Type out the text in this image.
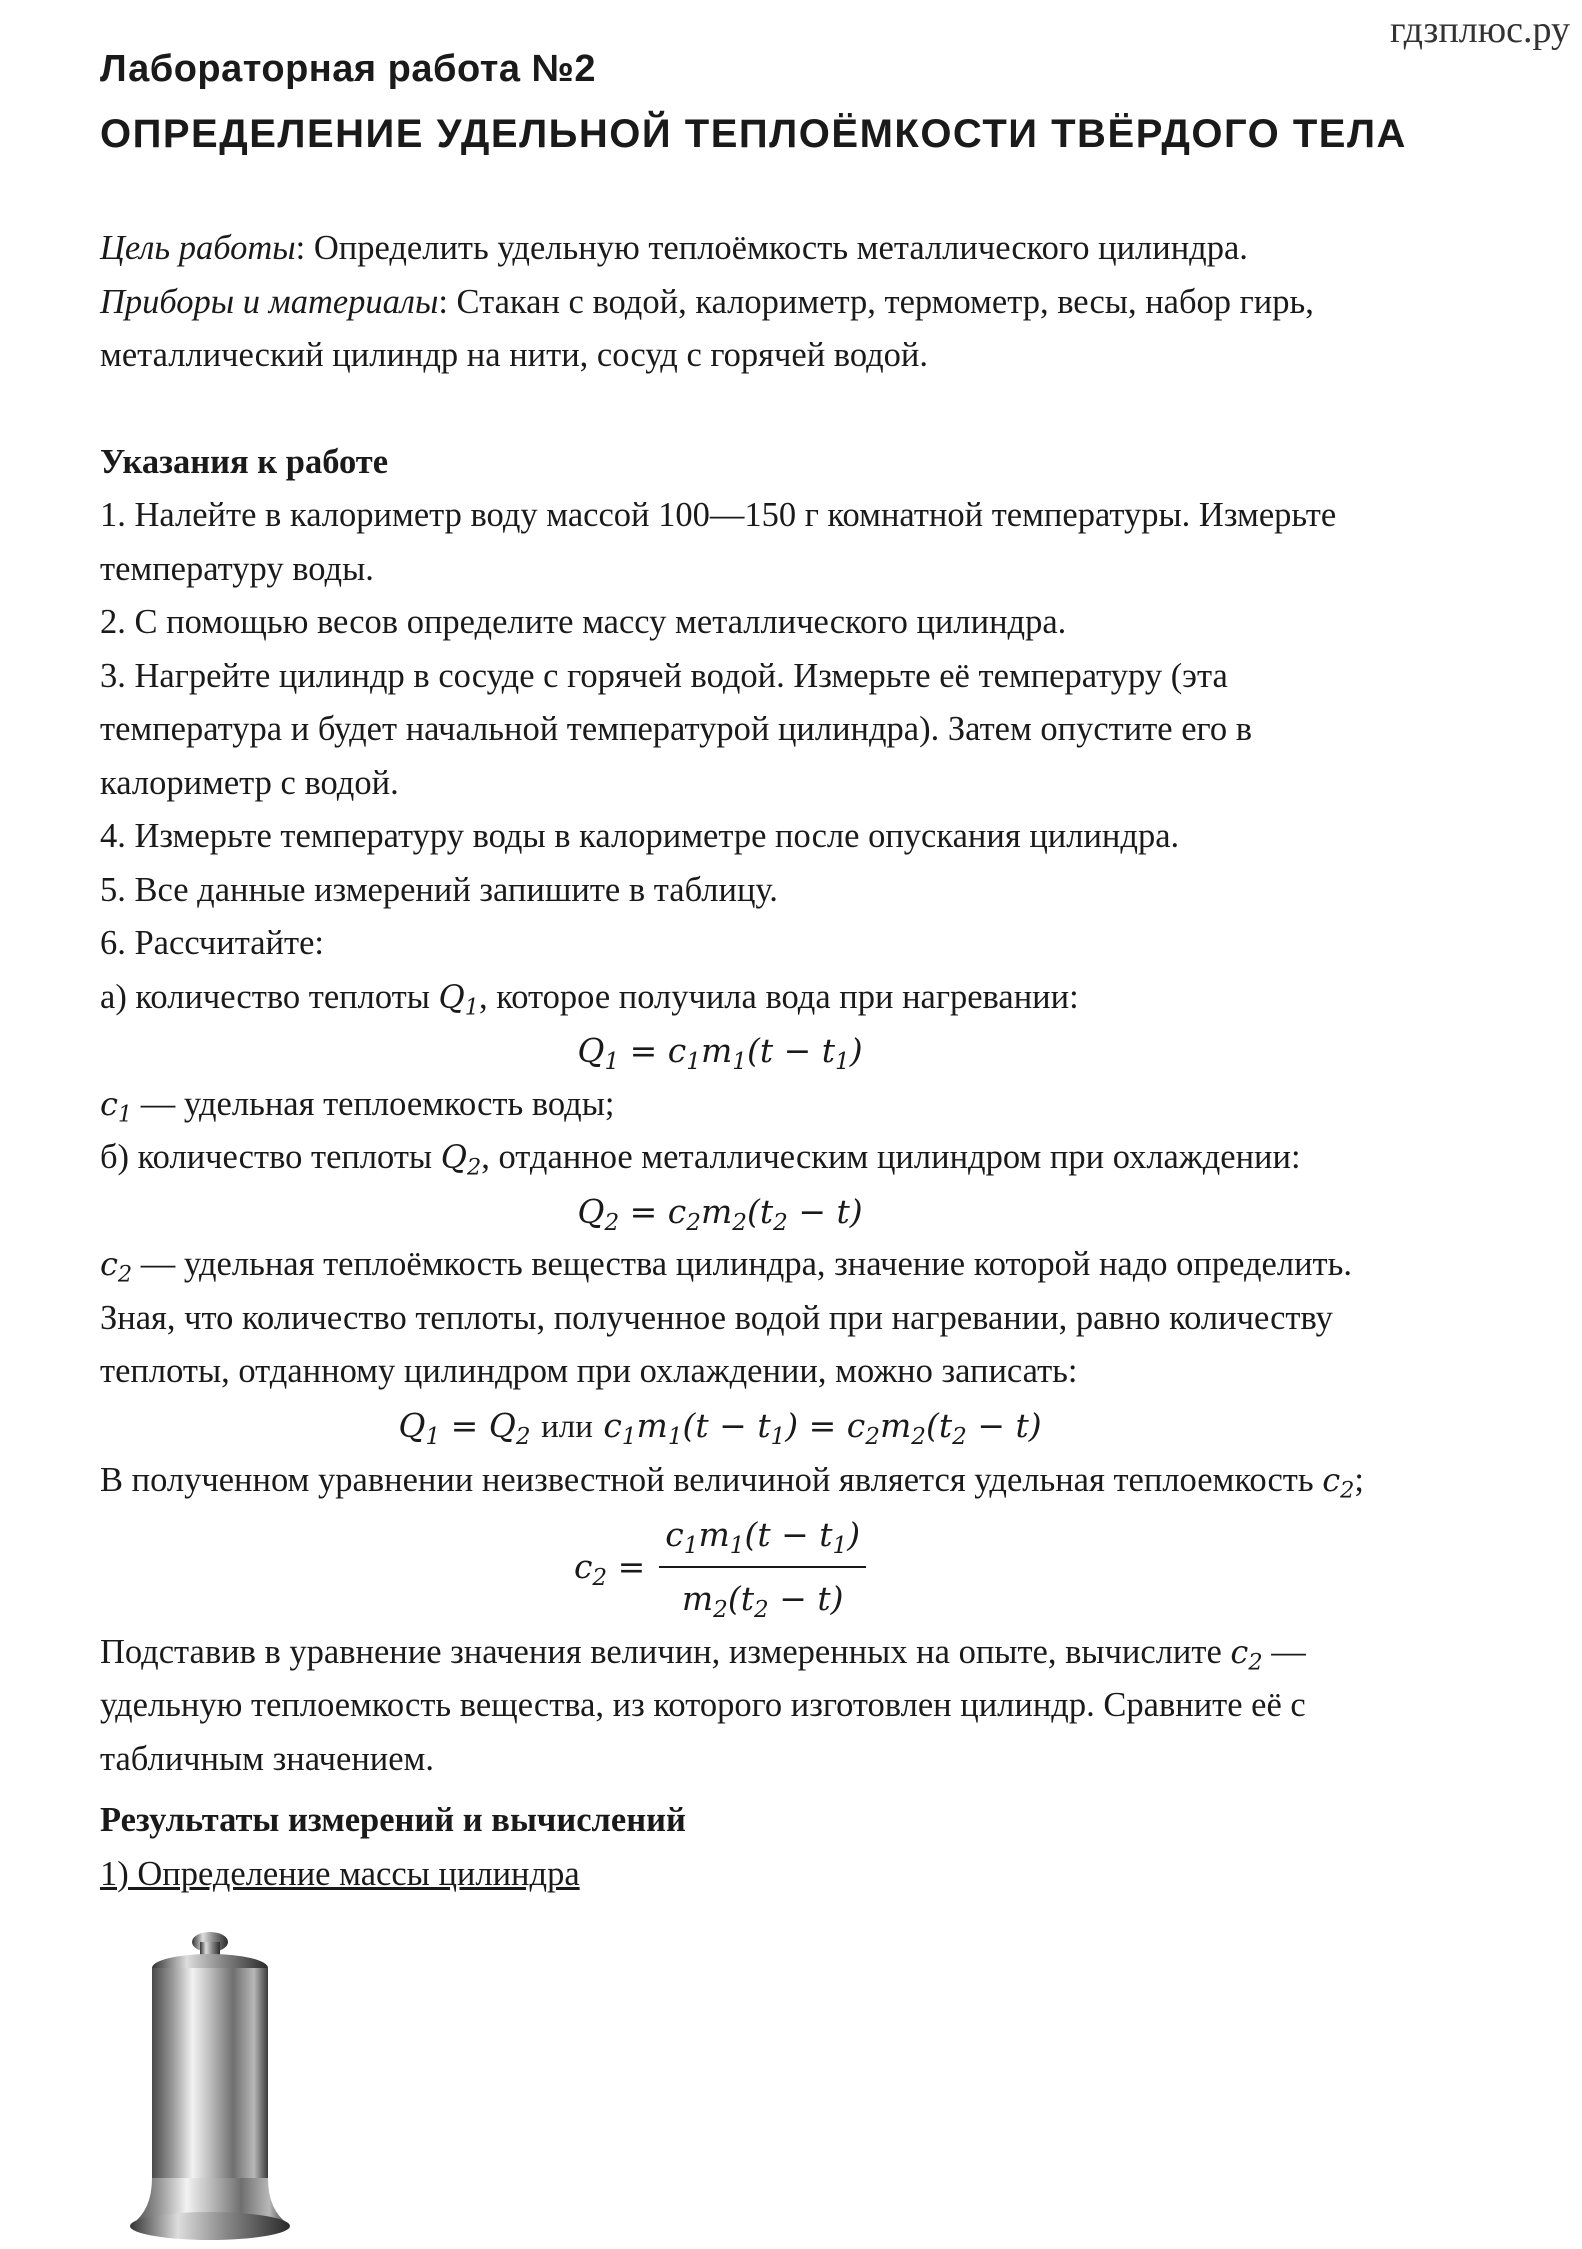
гдзплюс.ру
Лабораторная работа №2
ОПРЕДЕЛЕНИЕ УДЕЛЬНОЙ ТЕПЛОЁМКОСТИ ТВЁРДОГО ТЕЛА
Цель работы: Определить удельную теплоёмкость металлического цилиндра.
Приборы и материалы: Стакан с водой, калориметр, термометр, весы, набор гирь,
металлический цилиндр на нити, сосуд с горячей водой.
Указания к работе
1. Налейте в калориметр воду массой 100—150 г комнатной температуры. Измерьте
температуру воды.
2. С помощью весов определите массу металлического цилиндра.
3. Нагрейте цилиндр в сосуде с горячей водой. Измерьте её температуру (эта
температура и будет начальной температурой цилиндра). Затем опустите его в
калориметр с водой.
4. Измерьте температуру воды в калориметре после опускания цилиндра.
5. Все данные измерений запишите в таблицу.
6. Рассчитайте:
а) количество теплоты $Q_1$, которое получила вода при нагревании:
$Q_1 = c_1m_1(t - t_1)$
$c_1$ — удельная теплоемкость воды;
б) количество теплоты $Q_2$, отданное металлическим цилиндром при охлаждении:
$Q_2 = c_2m_2(t_2 - t)$
$c_2$ — удельная теплоёмкость вещества цилиндра, значение которой надо определить.
Зная, что количество теплоты, полученное водой при нагревании, равно количеству
теплоты, отданному цилиндром при охлаждении, можно записать:
$Q_1 = Q_2$ или $c_1m_1(t - t_1) = c_2m_2(t_2 - t)$
В полученном уравнении неизвестной величиной является удельная теплоемкость $c_2$;
$c_2 = \frac{c_1m_1(t - t_1)}{m_2(t_2 - t)}$
Подставив в уравнение значения величин, измеренных на опыте, вычислите $c_2$ —
удельную теплоемкость вещества, из которого изготовлен цилиндр. Сравните её с
табличным значением.
Результаты измерений и вычислений
1) Определение массы цилиндра
